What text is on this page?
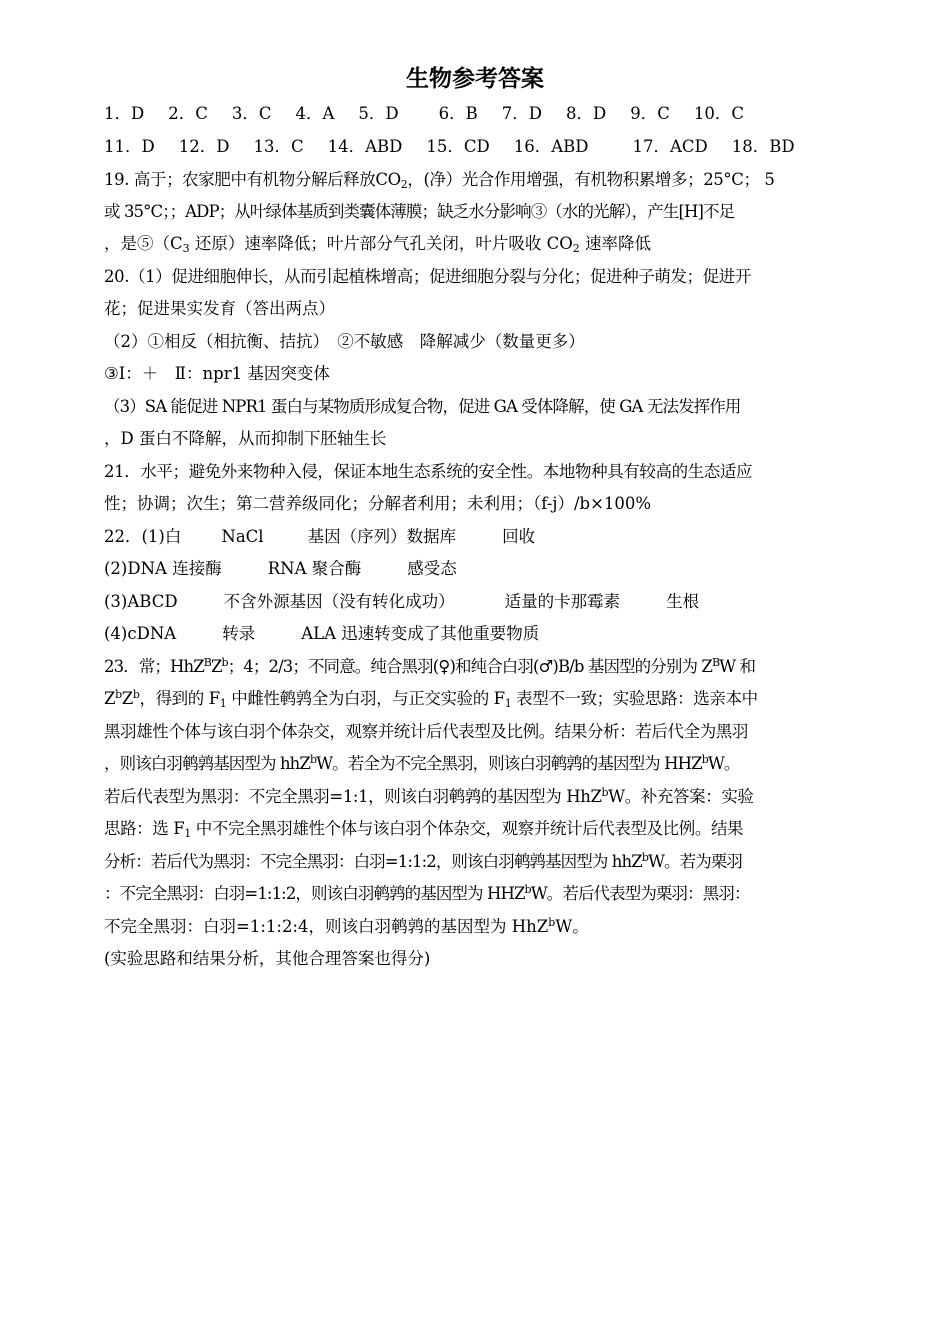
生物参考答案
1．D 2．C 3．C 4．A 5．D 6．B 7．D 8．D 9．C 10．C
11．D 12．D 13．C 14．ABD 15．CD 16．ABD	17．ACD 18．BD
19. 高于；农家肥中有机物分解后释放$CO_2$，(净）光合作用增强，有机物积累增多；25°C； 5
或 35°C；；ADP；从叶绿体基质到类囊体薄膜；缺乏水分影响③（水的光解），产生[H]不足
，是$⑤(C_3$ 还原）速率降低；叶片部分气孔关闭，叶片吸收 $CO_2$ 速率降低
20.（1）促进细胞伸长，从而引起植株增高；促进细胞分裂与分化；促进种子萌发；促进开
花；促进果实发育（答出两点）
（2）①相反（相抗衡、拮抗）　②不敏感　降解减少（数量更多）
③I：＋　Ⅱ：npr1 基因突变体
（3）SA 能促进 NPR1 蛋白与某物质形成复合物，促进 GA 受体降解，使 GA 无法发挥作用
，D 蛋白不降解，从而抑制下胚轴生长
21．水平；避免外来物种入侵，保证本地生态系统的安全性。本地物种具有较高的生态适应
性；协调；次生；第二营养级同化；分解者利用；未利用；（f-j）/b×100%
22．(1)白 NaCl	基因（序列）数据库	回收
(2)DNA 连接酶	RNA 聚合酶	感受态
(3)ABCD	不含外源基因（没有转化成功）	适量的卡那霉素	生根
(4)cDNA	转录	ALA 迅速转变成了其他重要物质
23．常；$HhZ^BZ^b$；4；2/3；不同意。纯合黑羽(♀)和纯合白羽(♂)B/b 基因型的分别为 $Z^BW$ 和
$Z^bZ^b$，得到的 $F_1$ 中雌性鹌鹑全为白羽，与正交实验的 $F_1$ 表型不一致；实验思路：选亲本中
黑羽雄性个体与该白羽个体杂交，观察并统计后代表型及比例。结果分析：若后代全为黑羽
，则该白羽鹌鹑基因型为 hhZ$^b$W。若全为不完全黑羽，则该白羽鹌鹑的基因型为 HHZ$^b$W。
若后代表型为黑羽：不完全黑羽=1:1，则该白羽鹌鹑的基因型为 HhZ$^b$W。补充答案：实验
思路：选 $F_1$ 中不完全黑羽雄性个体与该白羽个体杂交，观察并统计后代表型及比例。结果
分析：若后代为黑羽：不完全黑羽：白羽=1:1:2，则该白羽鹌鹑基因型为 hhZ$^b$W。若为栗羽
：不完全黑羽：白羽=1:1:2，则该白羽鹌鹑的基因型为 HHZ$^b$W。若后代表型为栗羽：黑羽：
不完全黑羽：白羽=1:1:2:4，则该白羽鹌鹑的基因型为 HhZ$^b$W。
(实验思路和结果分析，其他合理答案也得分)
